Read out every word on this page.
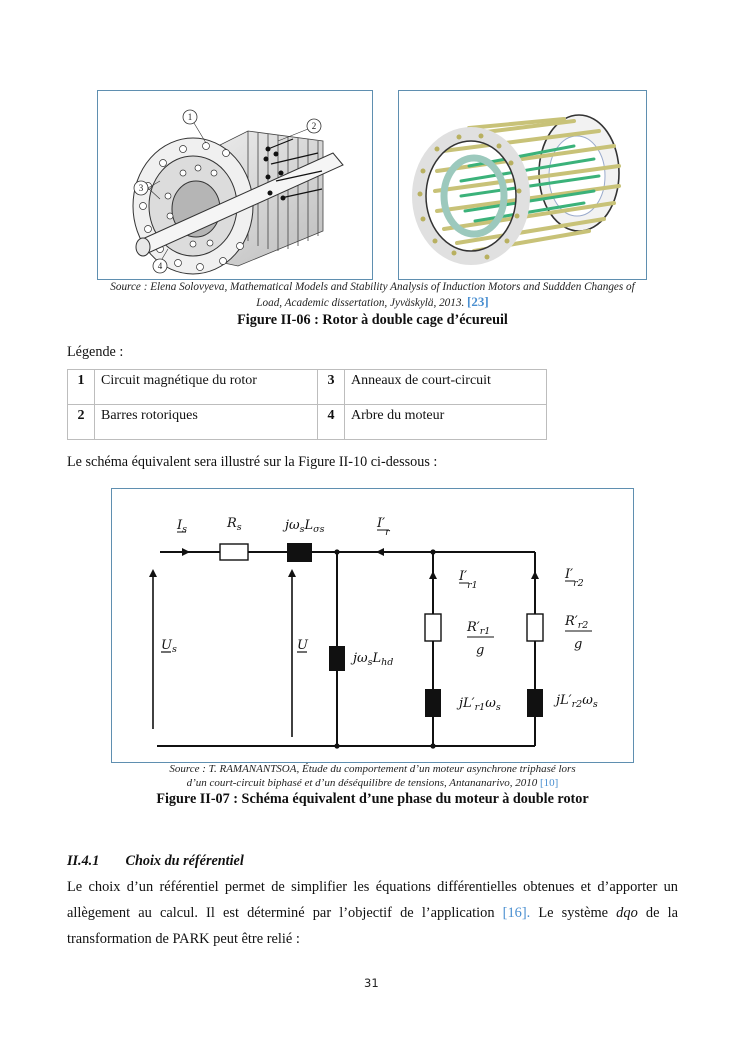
1
2
3
4
Source : Elena Solovyeva, Mathematical Models and Stability Analysis of Induction Motors and Suddden Changes of
Load, Academic dissertation, Jyväskylä, 2013. [23]
Figure II-06 : Rotor à double cage d’écureuil
Légende :
1	Circuit magnétique du rotor	3	Anneaux de court-circuit
2	Barres rotoriques	4	Arbre du moteur
Le schéma équivalent sera illustré sur la Figure II-10 ci-dessous :
$I_s$	$R_s$	$j\omega_sL_{\sigma s}$	$I'_r$
$I'_{r1}$
$I'_{r2}$
$U_s$	U
$j\omega_sL_{hd}$
$R'_{r1}$
g
$R'_{r2}$
g
$jL'_{r1}\omega_s$	$jL'_{r2}\omega_s$
Source : T. RAMANANTSOA, Étude du comportement d’un moteur asynchrone triphasé lors
d’un court-circuit biphasé et d’un déséquilibre de tensions, Antananarivo, 2010 [10]
Figure II-07 : Schéma équivalent d’une phase du moteur à double rotor
II.4.1 Choix du référentiel
Le choix d’un référentiel permet de simplifier les équations différentielles obtenues et d’apporter un allègement au calcul. Il est déterminé par l’objectif de l’application [16]. Le système dqo de la transformation de PARK peut être relié :
31
